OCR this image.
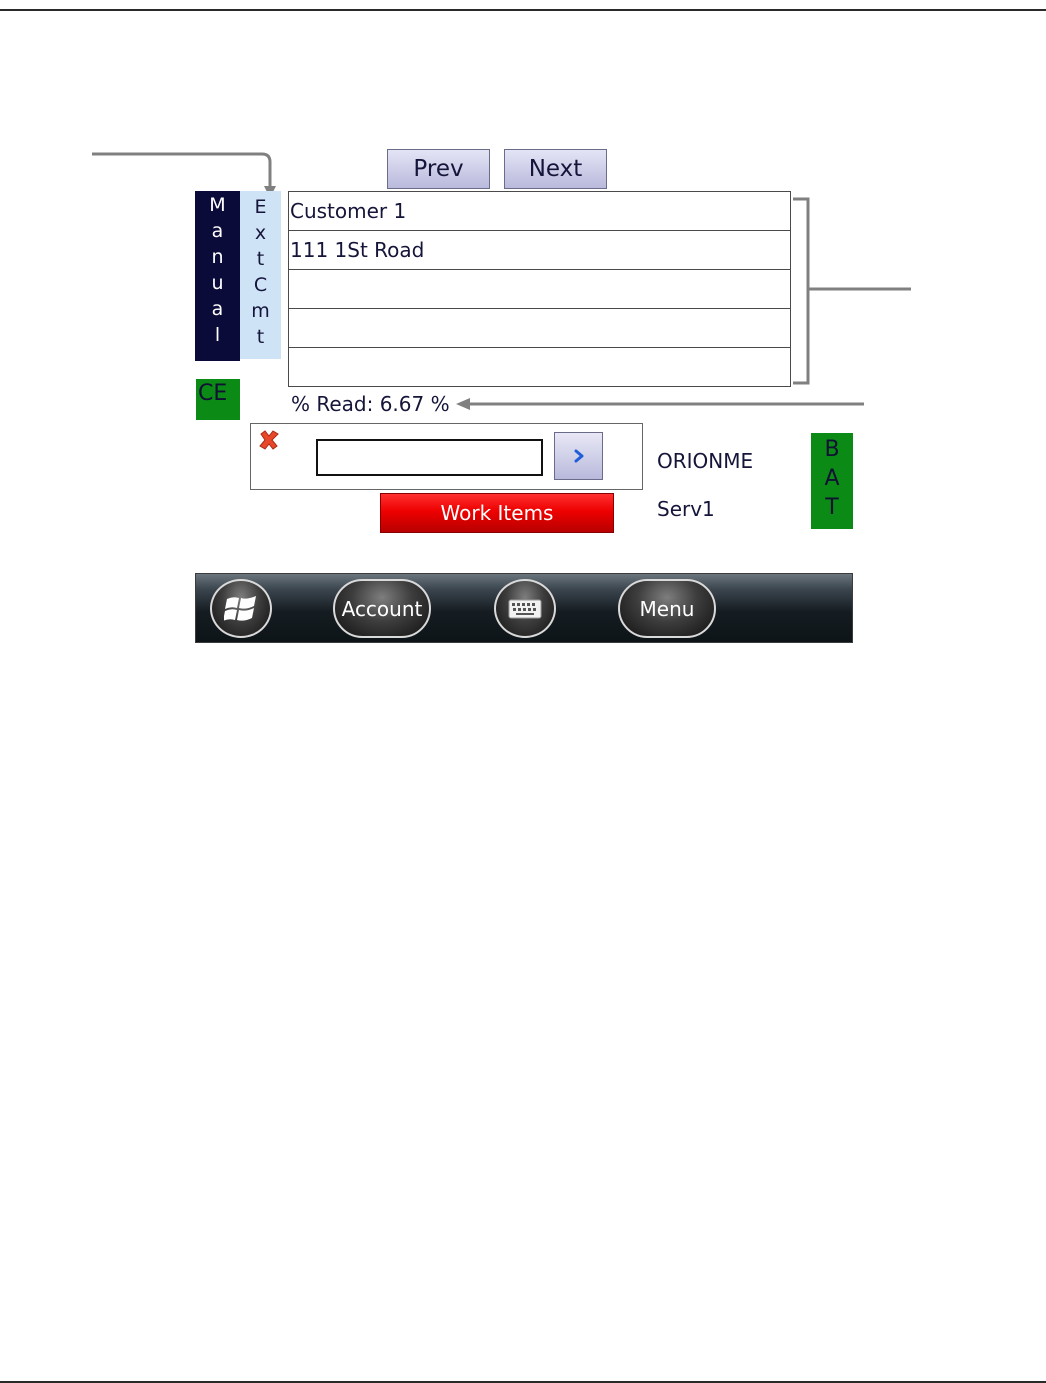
Prev	Next
M
a
n
u
a
l
E
x
t
C
m
t
CE
Customer 1
111 1St Road
% Read: 6.67 %
Work Items
ORIONME
Serv1
B
A
T
Account	Menu
